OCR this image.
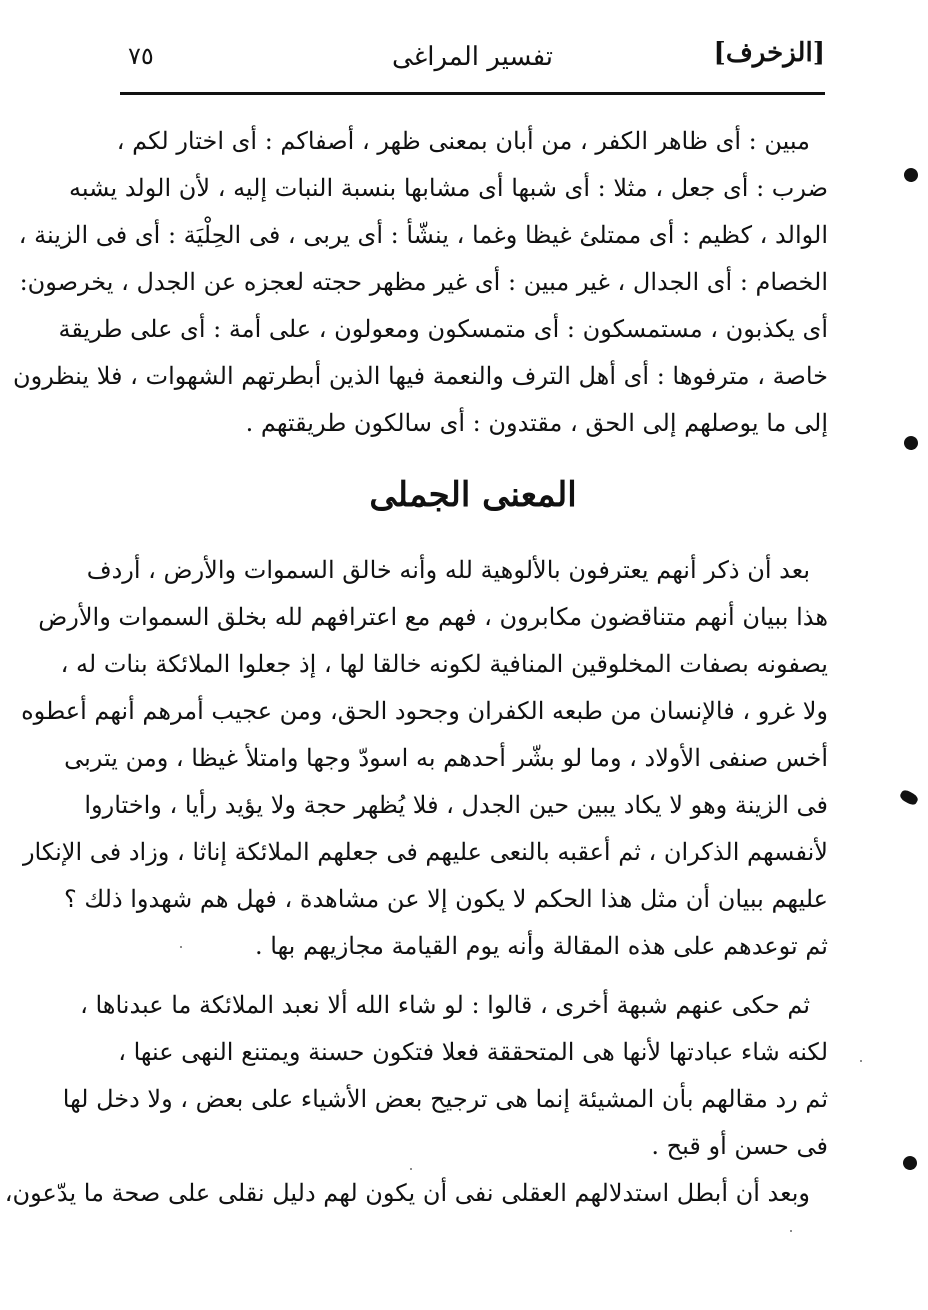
٧٥	تفسير المراغى	[الزخرف]
مبين : أى ظاهر الكفر ، من أبان بمعنى ظهر ، أصفاكم : أى اختار لكم ،
ضرب : أى جعل ، مثلا : أى شبها أى مشابها بنسبة النبات إليه ، لأن الولد يشبه
الوالد ، كظيم : أى ممتلئ غيظا وغما ، ينشّأ : أى يربى ، فى الحِلْيَة : أى فى الزينة ،
الخصام : أى الجدال ، غير مبين : أى غير مظهر حجته لعجزه عن الجدل ، يخرصون:
أى يكذبون ، مستمسكون : أى متمسكون ومعولون ، على أمة : أى على طريقة
خاصة ، مترفوها : أى أهل الترف والنعمة فيها الذين أبطرتهم الشهوات ، فلا ينظرون
إلى ما يوصلهم إلى الحق ، مقتدون : أى سالكون طريقتهم .
المعنى الجملى
بعد أن ذكر أنهم يعترفون بالألوهية لله وأنه خالق السموات والأرض ، أردف
هذا ببيان أنهم متناقضون مكابرون ، فهم مع اعترافهم لله بخلق السموات والأرض
يصفونه بصفات المخلوقين المنافية لكونه خالقا لها ، إذ جعلوا الملائكة بنات له ،
ولا غرو ، فالإنسان من طبعه الكفران وجحود الحق، ومن عجيب أمرهم أنهم أعطوه
أخس صنفى الأولاد ، وما لو بشّر أحدهم به اسودّ وجها وامتلأ غيظا ، ومن يتربى
فى الزينة وهو لا يكاد يبين حين الجدل ، فلا يُظهر حجة ولا يؤيد رأيا ، واختاروا
لأنفسهم الذكران ، ثم أعقبه بالنعى عليهم فى جعلهم الملائكة إناثا ، وزاد فى الإنكار
عليهم ببيان أن مثل هذا الحكم لا يكون إلا عن مشاهدة ، فهل هم شهدوا ذلك ؟
ثم توعدهم على هذه المقالة وأنه يوم القيامة مجازيهم بها .
ثم حكى عنهم شبهة أخرى ، قالوا : لو شاء الله ألا نعبد الملائكة ما عبدناها ،
لكنه شاء عبادتها لأنها هى المتحققة فعلا فتكون حسنة ويمتنع النهى عنها ،
ثم رد مقالهم بأن المشيئة إنما هى ترجيح بعض الأشياء على بعض ، ولا دخل لها
فى حسن أو قبح .
وبعد أن أبطل استدلالهم العقلى نفى أن يكون لهم دليل نقلى على صحة ما يدّعون،
